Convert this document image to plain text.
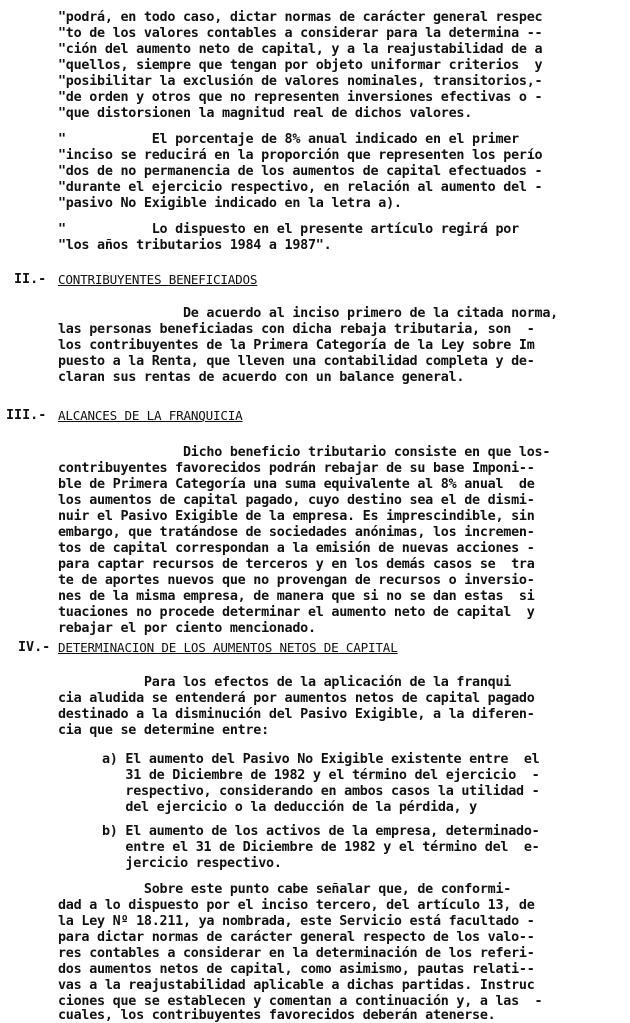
"podrá, en todo caso, dictar normas de carácter general respec
"to de los valores contables a considerar para la determina --
"ción del aumento neto de capital, y a la reajustabilidad de a
"quellos, siempre que tengan por objeto uniformar criterios  y
"posibilitar la exclusión de valores nominales, transitorios,-
"de orden y otros que no representen inversiones efectivas o -
"que distorsionen la magnitud real de dichos valores.
"           El porcentaje de 8% anual indicado en el primer
"inciso se reducirá en la proporción que representen los perío
"dos de no permanencia de los aumentos de capital efectuados -
"durante el ejercicio respectivo, en relación al aumento del -
"pasivo No Exigible indicado en la letra a).
"           Lo dispuesto en el presente artículo regirá por
"los años tributarios 1984 a 1987".
II.- CONTRIBUYENTES BENEFICIADOS
De acuerdo al inciso primero de la citada norma,
las personas beneficiadas con dicha rebaja tributaria, son  -
los contribuyentes de la Primera Categoría de la Ley sobre Im
puesto a la Renta, que lleven una contabilidad completa y de-
claran sus rentas de acuerdo con un balance general.
III.- ALCANCES DE LA FRANQUICIA
Dicho beneficio tributario consiste en que los-
contribuyentes favorecidos podrán rebajar de su base Imponi--
ble de Primera Categoría una suma equivalente al 8% anual  de
los aumentos de capital pagado, cuyo destino sea el de dismi-
nuir el Pasivo Exigible de la empresa. Es imprescindible, sin
embargo, que tratándose de sociedades anónimas, los incremen-
tos de capital correspondan a la emisión de nuevas acciones -
para captar recursos de terceros y en los demás casos se  tra
te de aportes nuevos que no provengan de recursos o inversio-
nes de la misma empresa, de manera que si no se dan estas  si
tuaciones no procede determinar el aumento neto de capital  y
rebajar el por ciento mencionado.
IV.- DETERMINACION DE LOS AUMENTOS NETOS DE CAPITAL
Para los efectos de la aplicación de la franqui
cia aludida se entenderá por aumentos netos de capital pagado
destinado a la disminución del Pasivo Exigible, a la diferen-
cia que se determine entre:
a) El aumento del Pasivo No Exigible existente entre  el
31 de Diciembre de 1982 y el término del ejercicio  -
respectivo, considerando en ambos casos la utilidad -
del ejercicio o la deducción de la pérdida, y
b) El aumento de los activos de la empresa, determinado-
entre el 31 de Diciembre de 1982 y el término del  e-
jercicio respectivo.
Sobre este punto cabe señalar que, de conformi-
dad a lo dispuesto por el inciso tercero, del artículo 13, de
la Ley Nº 18.211, ya nombrada, este Servicio está facultado -
para dictar normas de carácter general respecto de los valo--
res contables a considerar en la determinación de los referi-
dos aumentos netos de capital, como asimismo, pautas relati--
vas a la reajustabilidad aplicable a dichas partidas. Instruc
ciones que se establecen y comentan a continuación y, a las  -
cuales, los contribuyentes favorecidos deberán atenerse.
